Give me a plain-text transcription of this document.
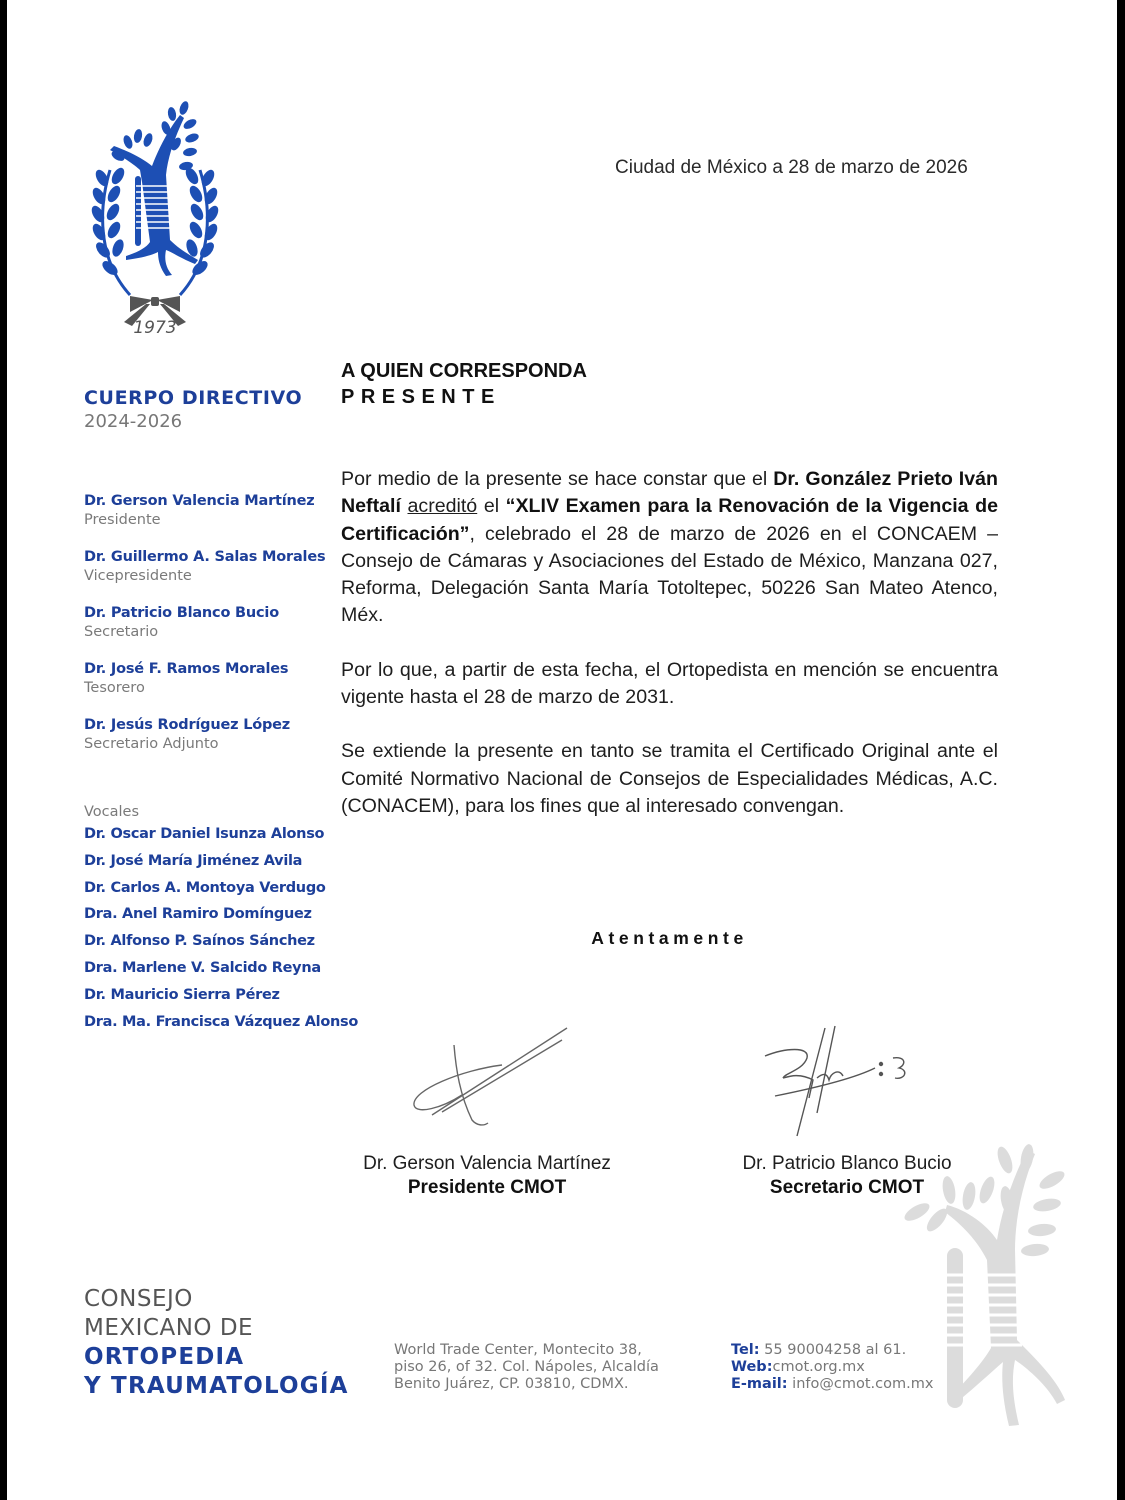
1973
Ciudad de México a 28 de marzo de 2026
CUERPO DIRECTIVO
2024-2026
Dr. Gerson Valencia Martínez
Presidente
Dr. Guillermo A. Salas Morales
Vicepresidente
Dr. Patricio Blanco Bucio
Secretario
Dr. José F. Ramos Morales
Tesorero
Dr. Jesús Rodríguez López
Secretario Adjunto
Vocales
Dr. Oscar Daniel Isunza Alonso
Dr. José María Jiménez Avila
Dr. Carlos A. Montoya Verdugo
Dra. Anel Ramiro Domínguez
Dr. Alfonso P. Saínos Sánchez
Dra. Marlene V. Salcido Reyna
Dr. Mauricio Sierra Pérez
Dra. Ma. Francisca Vázquez Alonso
A QUIEN CORRESPONDA
PRESENTE

Por medio de la presente se hace constar que el Dr. González Prieto Iván Neftalí acreditó el “XLIV Examen para la Renovación de la Vigencia de Certificación”, celebrado el 28 de marzo de 2026 en el CONCAEM – Consejo de Cámaras y Asociaciones del Estado de México, Manzana 027, Reforma, Delegación Santa María Totoltepec, 50226 San Mateo Atenco, Méx.

Por lo que, a partir de esta fecha, el Ortopedista en mención se encuentra vigente hasta el 28 de marzo de 2031.

Se extiende la presente en tanto se tramita el Certificado Original ante el Comité Normativo Nacional de Consejos de Especialidades Médicas, A.C. (CONACEM), para los fines que al interesado convengan.

Atentamente
Dr. Gerson Valencia Martínez
Presidente CMOT
Dr. Patricio Blanco Bucio
Secretario CMOT
CONSEJO
MEXICANO DE
ORTOPEDIA
Y TRAUMATOLOGÍA
World Trade Center, Montecito 38,
piso 26, of 32. Col. Nápoles, Alcaldía
Benito Juárez, CP. 03810, CDMX.
Tel: 55 90004258 al 61.
Web:cmot.org.mx
E-mail: info@cmot.com.mx
